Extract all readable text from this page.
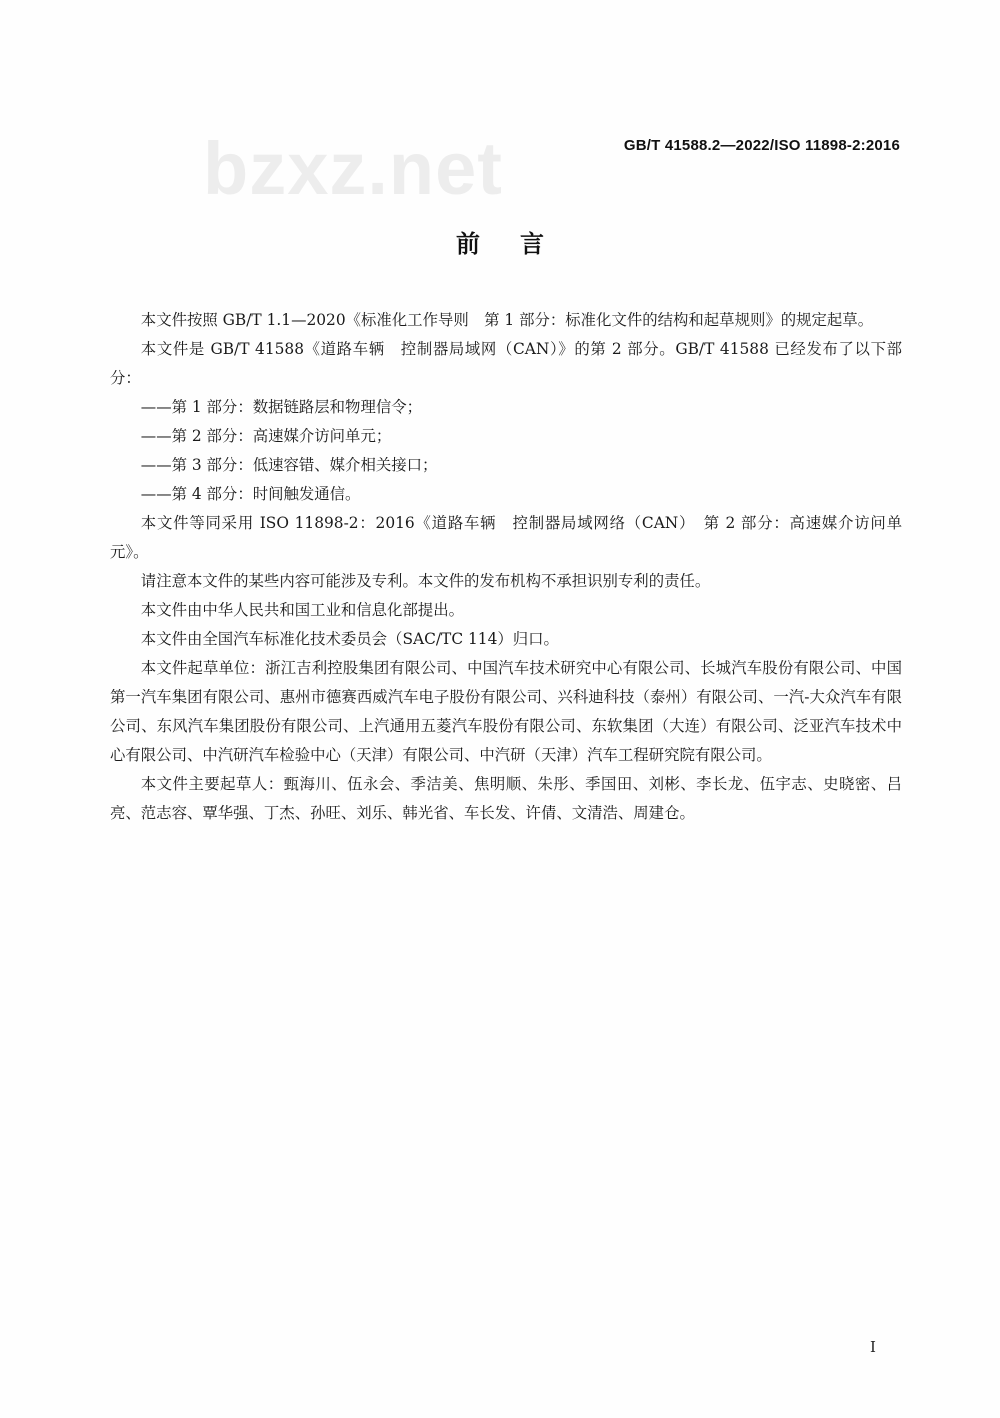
bzxz.net	GB/T 41588.2—2022/ISO 11898-2:2016
前言

本文件按照 GB/T 1.1—2020《标准化工作导则　第 1 部分：标准化文件的结构和起草规则》的规定起草。

本文件是 GB/T 41588《道路车辆　控制器局域网（CAN）》的第 2 部分。GB/T 41588 已经发布了以下部分：

——第 1 部分：数据链路层和物理信令；

——第 2 部分：高速媒介访问单元；

——第 3 部分：低速容错、媒介相关接口；

——第 4 部分：时间触发通信。

本文件等同采用 ISO 11898-2：2016《道路车辆　控制器局域网络（CAN）　第 2 部分：高速媒介访问单元》。

请注意本文件的某些内容可能涉及专利。本文件的发布机构不承担识别专利的责任。

本文件由中华人民共和国工业和信息化部提出。

本文件由全国汽车标准化技术委员会（SAC/TC 114）归口。

本文件起草单位：浙江吉利控股集团有限公司、中国汽车技术研究中心有限公司、长城汽车股份有限公司、中国第一汽车集团有限公司、惠州市德赛西威汽车电子股份有限公司、兴科迪科技（泰州）有限公司、一汽-大众汽车有限公司、东风汽车集团股份有限公司、上汽通用五菱汽车股份有限公司、东软集团（大连）有限公司、泛亚汽车技术中心有限公司、中汽研汽车检验中心（天津）有限公司、中汽研（天津）汽车工程研究院有限公司。

本文件主要起草人：甄海川、伍永会、季洁美、焦明顺、朱彤、季国田、刘彬、李长龙、伍宇志、史晓密、吕亮、范志容、覃华强、丁杰、孙旺、刘乐、韩光省、车长发、许倩、文清浩、周建仓。

I
